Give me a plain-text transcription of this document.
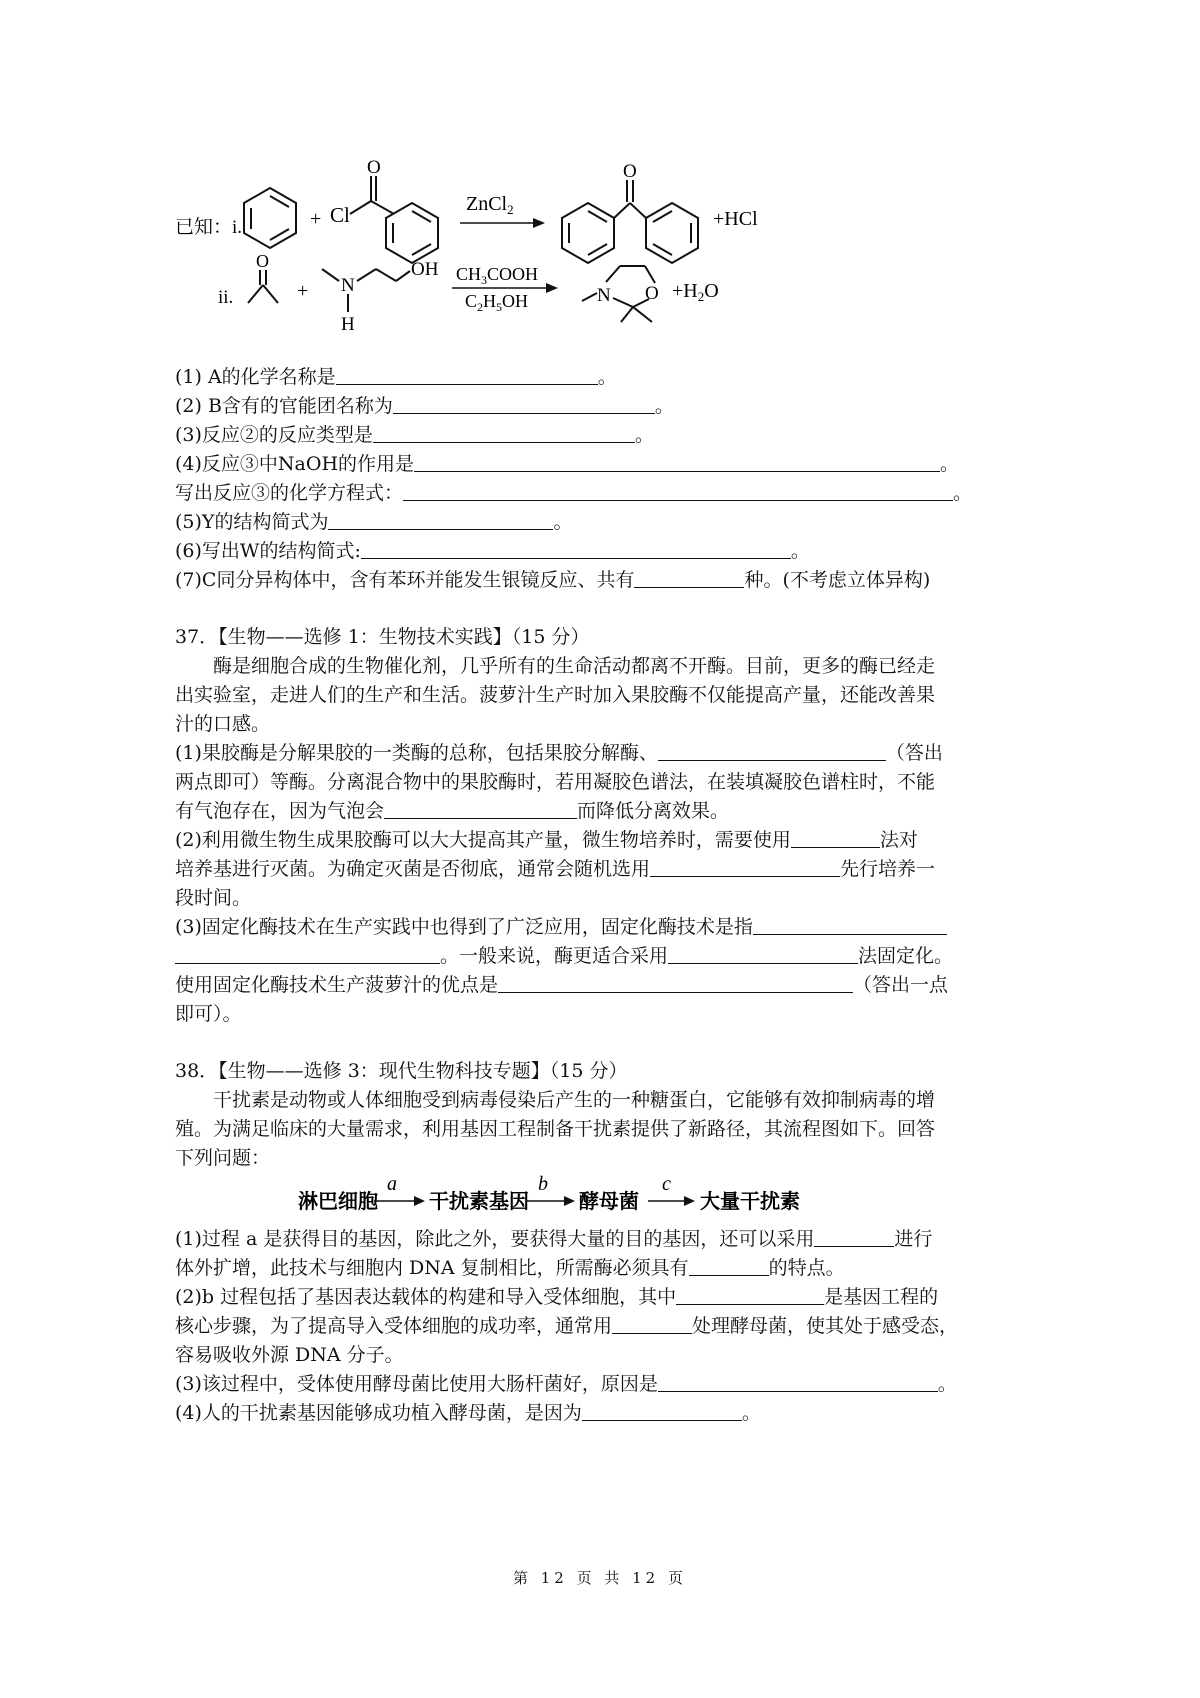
已知：i.	+ Cl
O
ZnCl$_2$
O
+HCl
ii.
O
+ N
H
OH $CH_3COOH$
$C_2H_5OH$	N $O +H_2O$
(1) A的化学名称是	。
(2) B含有的官能团名称为	。
(3)反应②的反应类型是	。
(4)反应③中NaOH的作用是	。
写出反应③的化学方程式：	。
(5)Y的结构简式为	。
(6)写出W的结构简式:	。
(7)C同分异构体中，含有苯环并能发生银镜反应、共有	种。(不考虑立体异构)
37．【生物——选修 1：生物技术实践】（15 分）
酶是细胞合成的生物催化剂，几乎所有的生命活动都离不开酶。目前，更多的酶已经走
出实验室，走进人们的生产和生活。菠萝汁生产时加入果胶酶不仅能提高产量，还能改善果
汁的口感。
(1)果胶酶是分解果胶的一类酶的总称，包括果胶分解酶、	（答出
两点即可）等酶。分离混合物中的果胶酶时，若用凝胶色谱法，在装填凝胶色谱柱时，不能
有气泡存在，因为气泡会	而降低分离效果。
(2)利用微生物生成果胶酶可以大大提高其产量，微生物培养时，需要使用	法对
培养基进行灭菌。为确定灭菌是否彻底，通常会随机选用	先行培养一
段时间。
(3)固定化酶技术在生产实践中也得到了广泛应用，固定化酶技术是指
。一般来说，酶更适合采用	法固定化。
使用固定化酶技术生产菠萝汁的优点是	（答出一点
即可）。
38．【生物——选修 3：现代生物科技专题】（15 分）
干扰素是动物或人体细胞受到病毒侵染后产生的一种糖蛋白，它能够有效抑制病毒的增
殖。为满足临床的大量需求，利用基因工程制备干扰素提供了新路径，其流程图如下。回答
下列问题：
淋巴细胞
a
干扰素基因
b
酵母菌
c
大量干扰素
(1)过程 a 是获得目的基因，除此之外，要获得大量的目的基因，还可以采用	进行
体外扩增，此技术与细胞内 DNA 复制相比，所需酶必须具有	的特点。
(2)b 过程包括了基因表达载体的构建和导入受体细胞，其中	是基因工程的
核心步骤，为了提高导入受体细胞的成功率，通常用	处理酵母菌，使其处于感受态，
容易吸收外源 DNA 分子。
(3)该过程中，受体使用酵母菌比使用大肠杆菌好，原因是	。
(4)人的干扰素基因能够成功植入酵母菌，是因为	。
第 12 页 共 12 页
